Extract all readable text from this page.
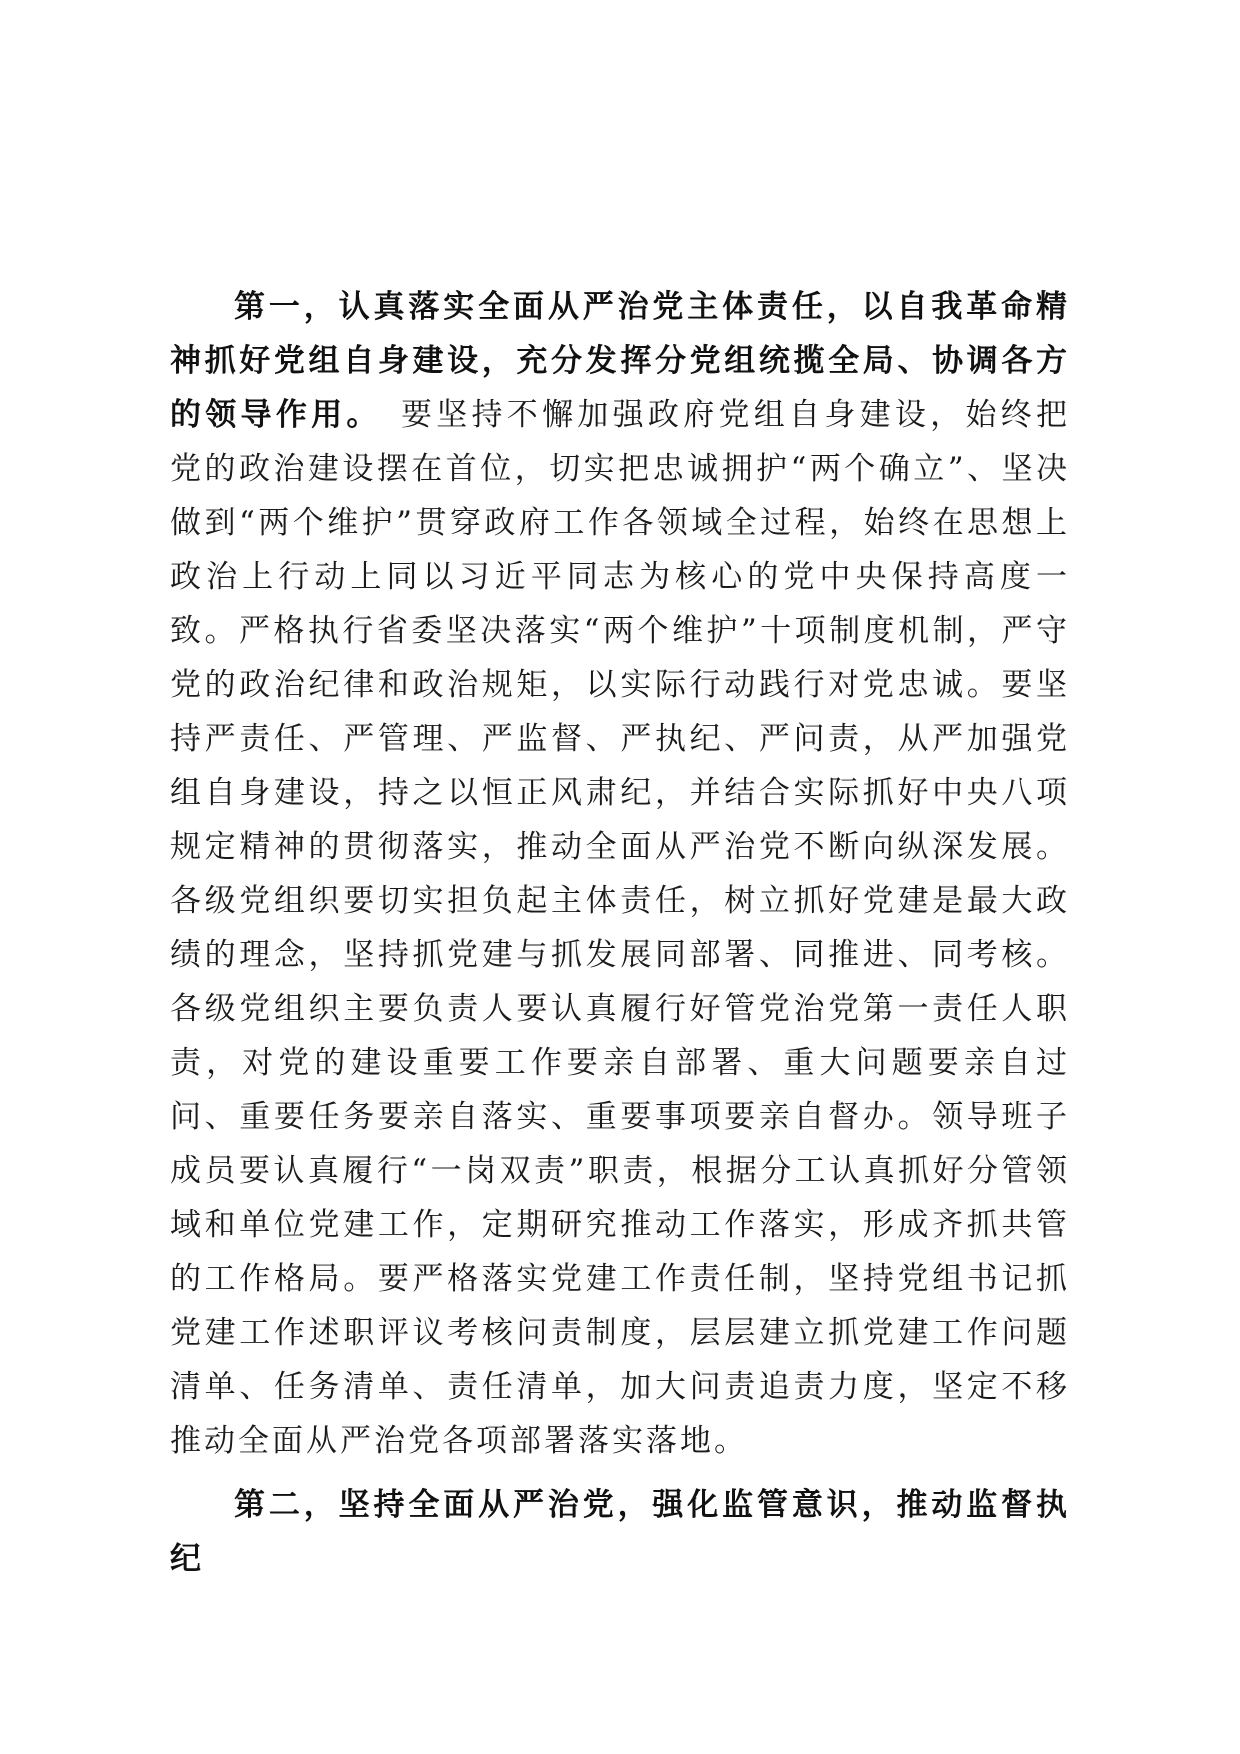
第一，认真落实全面从严治党主体责任，以自我革命精神抓好党组自身建设，充分发挥分党组统揽全局、协调各方的领导作用。 要坚持不懈加强政府党组自身建设，始终把党的政治建设摆在首位，切实把忠诚拥护“两个确立”、坚决做到“两个维护”贯穿政府工作各领域全过程，始终在思想上政治上行动上同以习近平同志为核心的党中央保持高度一致。严格执行省委坚决落实“两个维护”十项制度机制，严守党的政治纪律和政治规矩，以实际行动践行对党忠诚。要坚持严责任、严管理、严监督、严执纪、严问责，从严加强党组自身建设，持之以恒正风肃纪，并结合实际抓好中央八项规定精神的贯彻落实，推动全面从严治党不断向纵深发展。各级党组织要切实担负起主体责任，树立抓好党建是最大政绩的理念，坚持抓党建与抓发展同部署、同推进、同考核。各级党组织主要负责人要认真履行好管党治党第一责任人职责，对党的建设重要工作要亲自部署、重大问题要亲自过问、重要任务要亲自落实、重要事项要亲自督办。领导班子成员要认真履行“一岗双责”职责，根据分工认真抓好分管领域和单位党建工作，定期研究推动工作落实，形成齐抓共管的工作格局。要严格落实党建工作责任制，坚持党组书记抓党建工作述职评议考核问责制度，层层建立抓党建工作问题清单、任务清单、责任清单，加大问责追责力度，坚定不移推动全面从严治党各项部署落实落地。

第二，坚持全面从严治党，强化监管意识，推动监督执纪
